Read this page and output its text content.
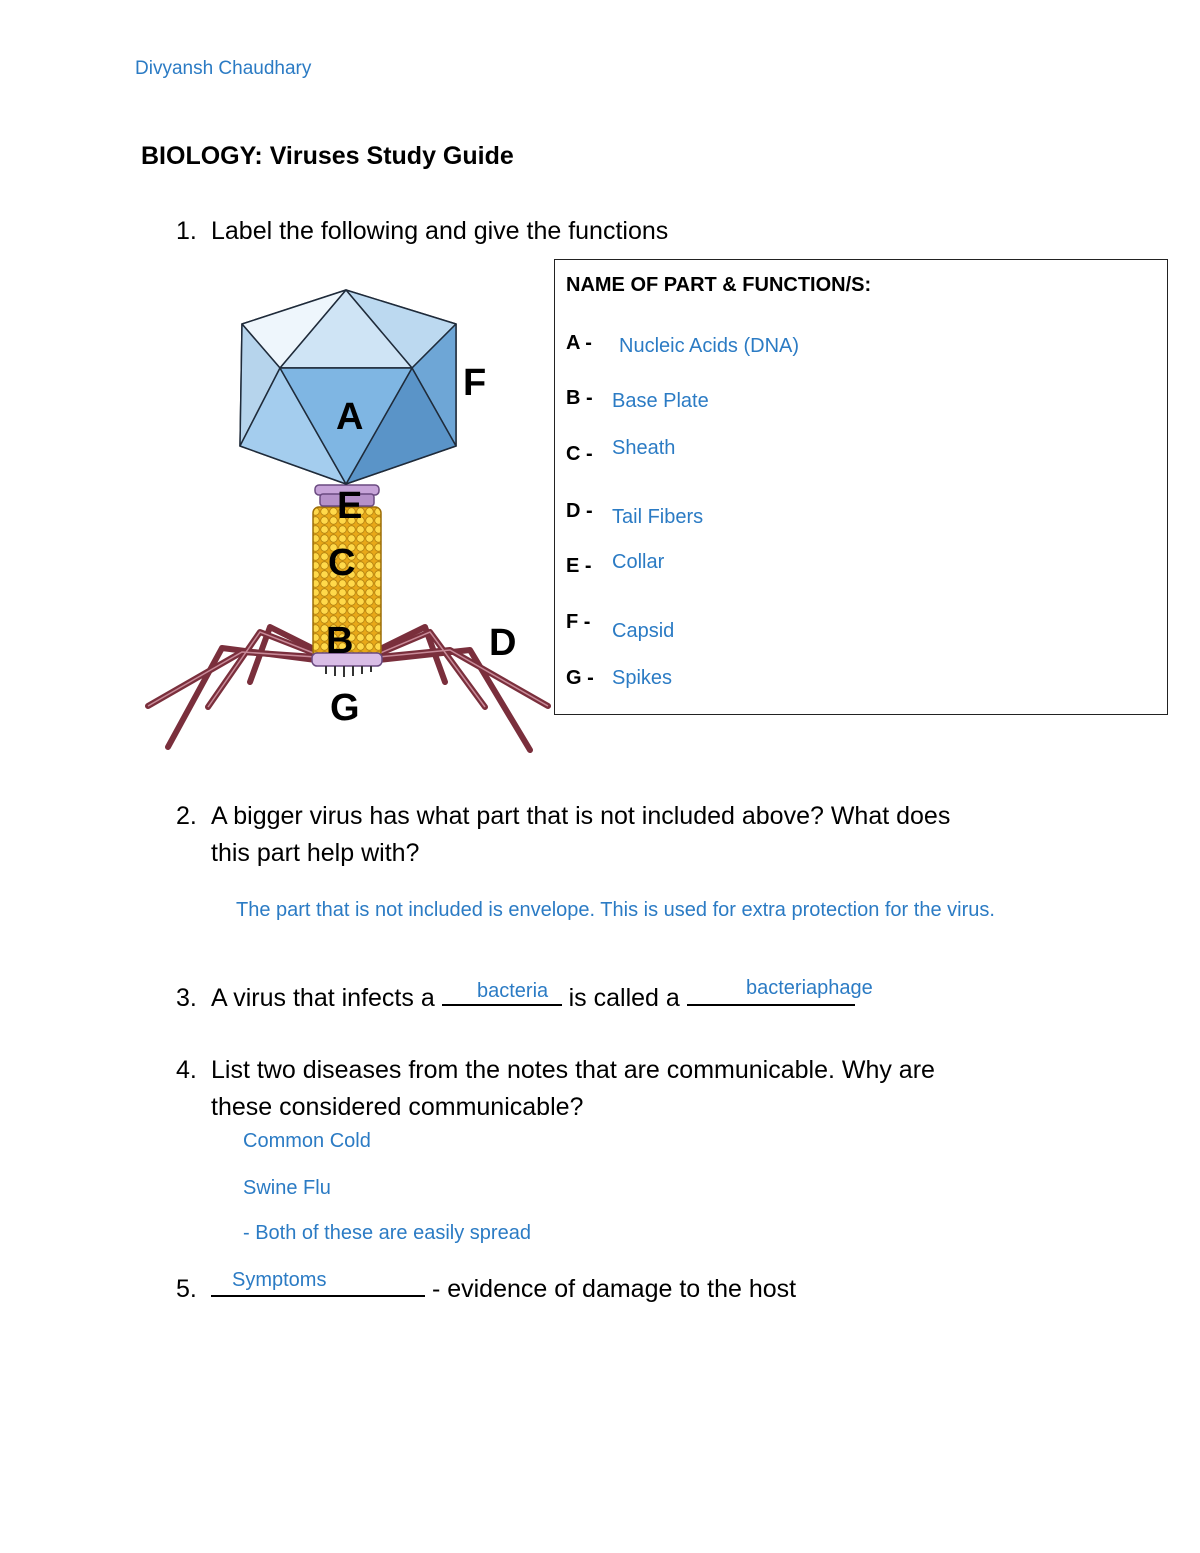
Divyansh Chaudhary
BIOLOGY: Viruses Study Guide
1. Label the following and give the functions
A
B
C
D
E
F
G
NAME OF PART & FUNCTION/S:
A - Nucleic Acids (DNA)
B - Base Plate
C - Sheath
D - Tail Fibers
E - Collar
F - Capsid
G - Spikes
2. A bigger virus has what part that is not included above? What does
this part help with?
The part that is not included is envelope. This is used for extra protection for the virus.
3. A virus that infects a	is called a
bacteria	bacteriaphage
4. List two diseases from the notes that are communicable. Why are
these considered communicable?
Common Cold
Swine Flu
- Both of these are easily spread
5.	- evidence of damage to the host
Symptoms
